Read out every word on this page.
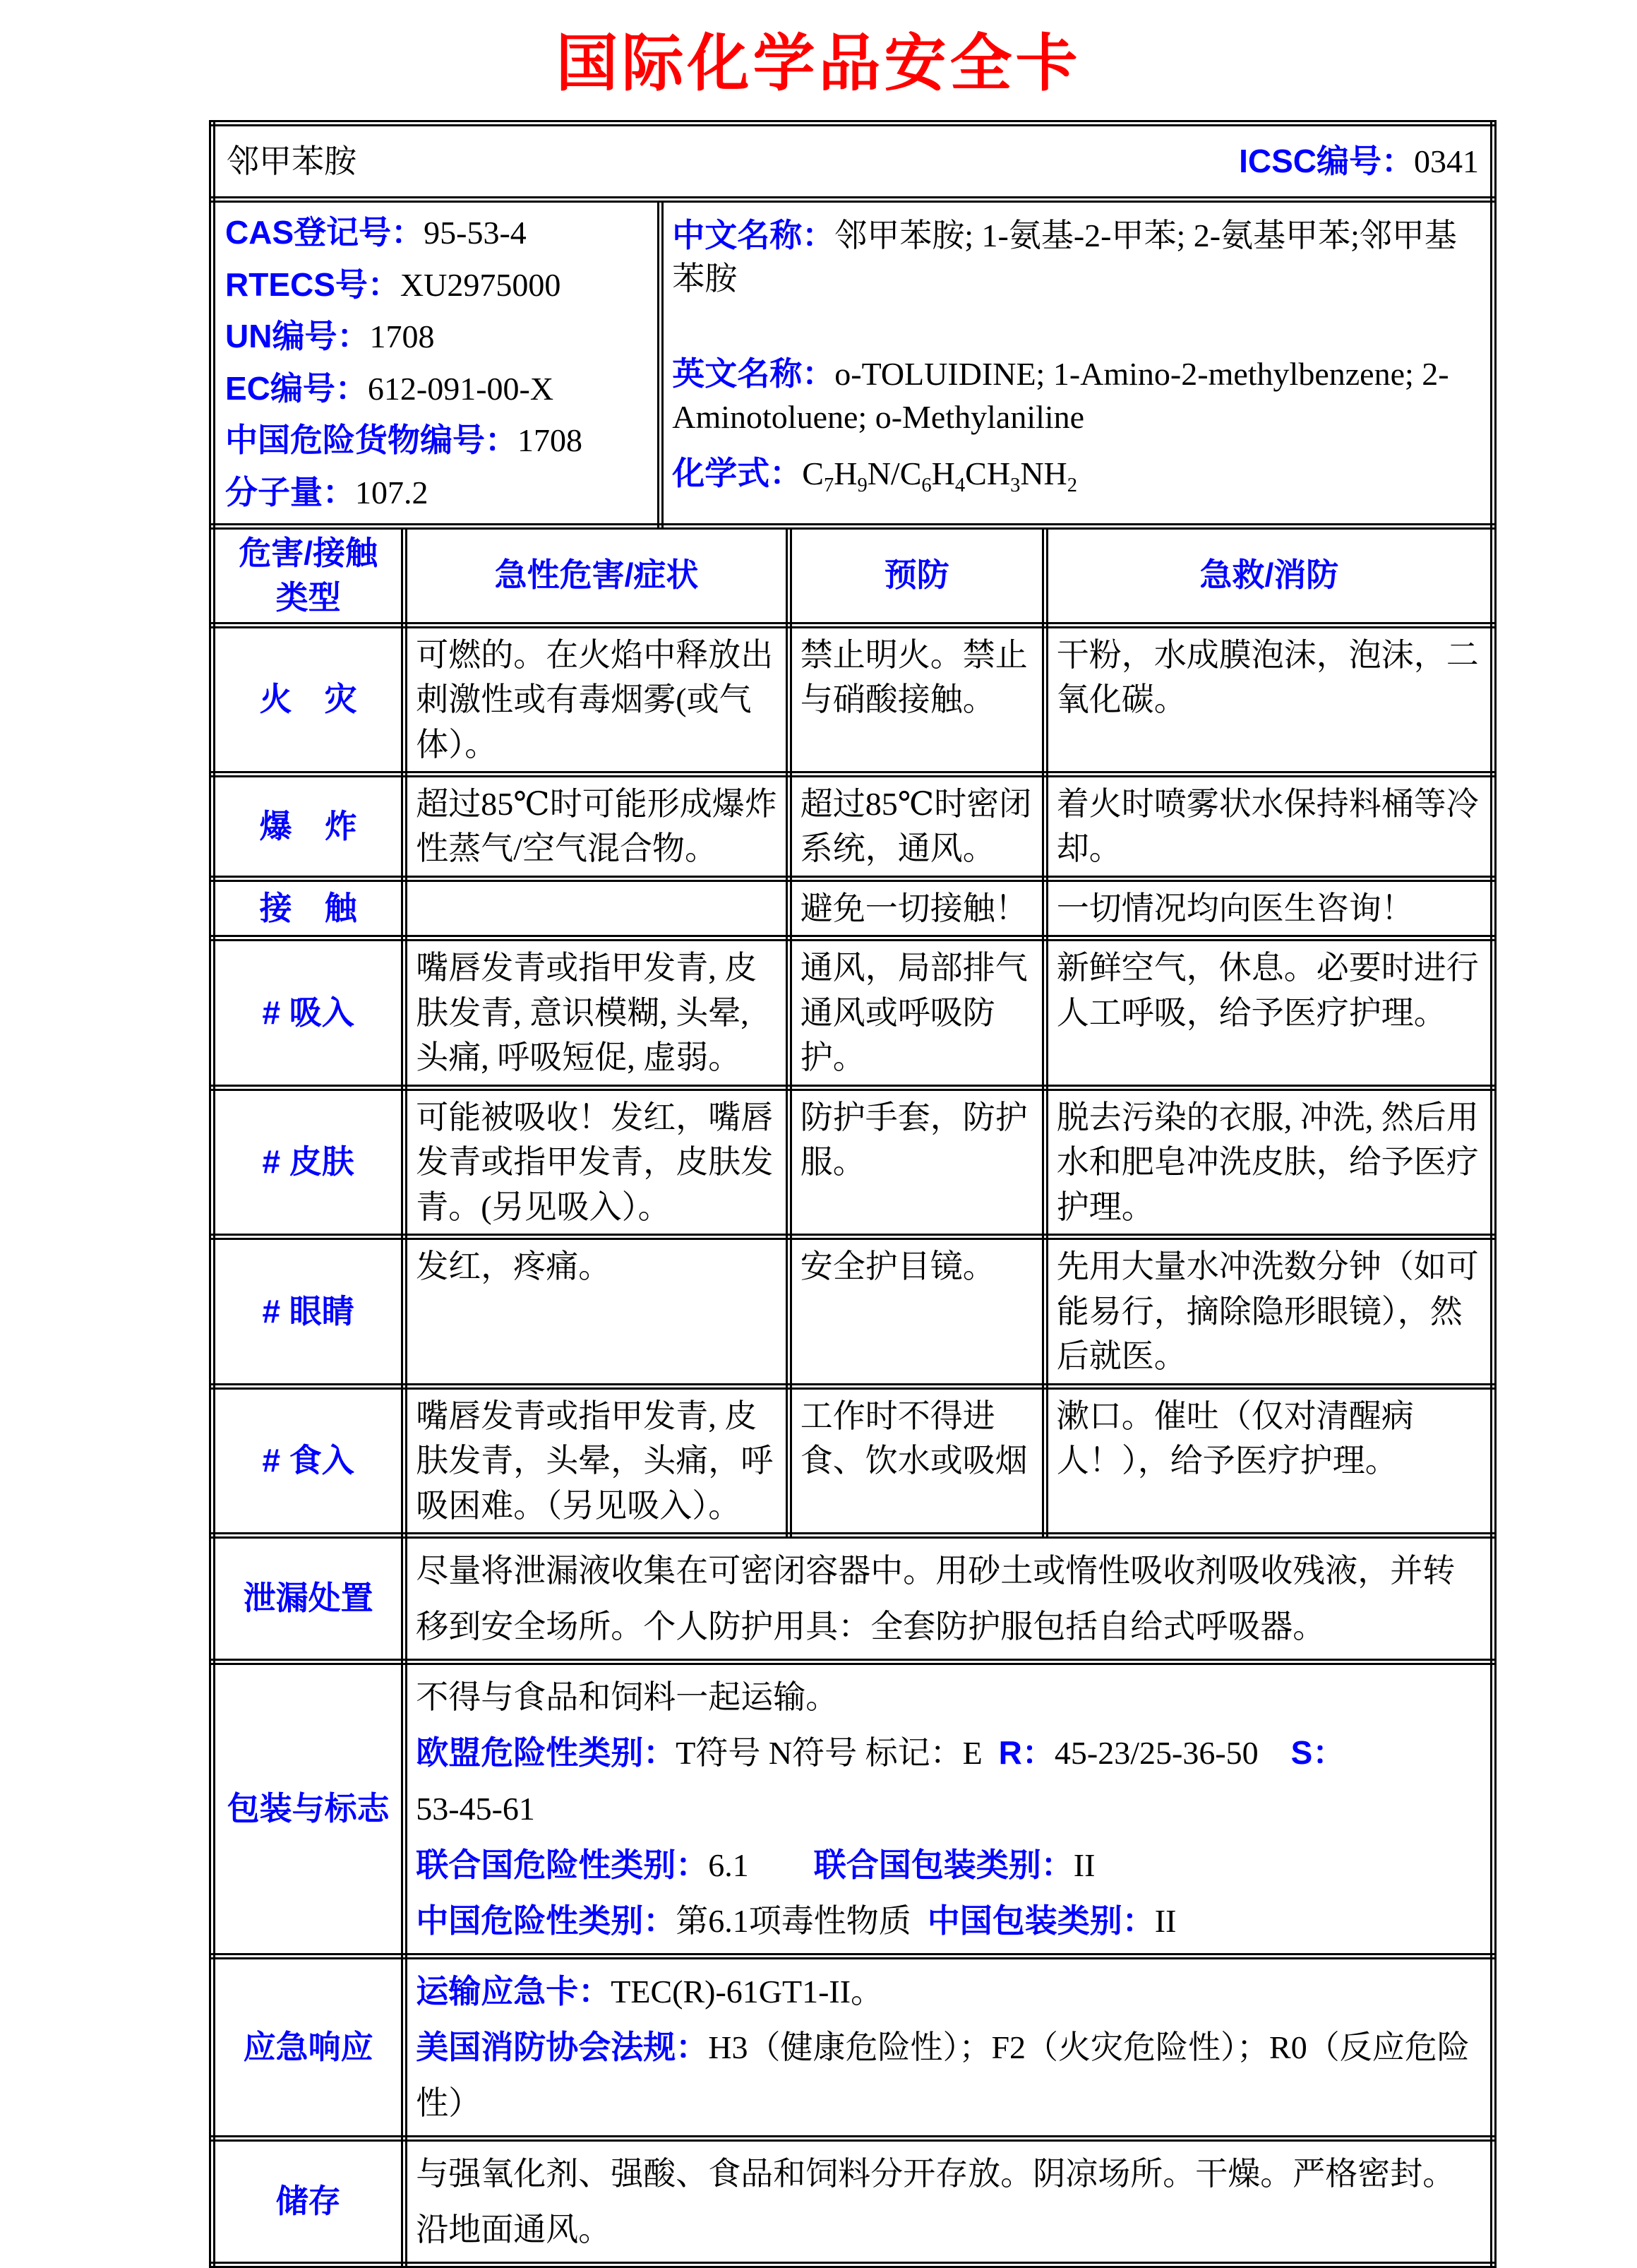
国际化学品安全卡
邻甲苯胺 ICSC编号：0341				

CAS登记号：95-53-4
RTECS号：XU2975000
UN编号：1708
EC编号：612-091-00-X
中国危险货物编号：1708
分子量：107.2

中文名称：邻甲苯胺; 1-氨基-2-甲苯; 2-氨基甲苯;邻甲基苯胺
英文名称：o-TOLUIDINE; 1-Amino-2-methylbenzene; 2-Aminotoluene; o-Methylaniline
化学式：$C_7H_9N/C_6H_4CH_3NH_2$

危害/接触类型	急性危害/症状		预防	急救/消防
火　灾	可燃的。在火焰中释放出刺激性或有毒烟雾(或气体）。		禁止明火。禁止与硝酸接触。	干粉，水成膜泡沫，泡沫，二氧化碳。
爆　炸	超过85℃时可能形成爆炸性蒸气/空气混合物。		超过85℃时密闭系统，通风。	着火时喷雾状水保持料桶等冷却。
接　触			避免一切接触！	一切情况均向医生咨询！
# 吸入	嘴唇发青或指甲发青, 皮肤发青, 意识模糊, 头晕, 头痛, 呼吸短促, 虚弱。		通风，局部排气通风或呼吸防护。	新鲜空气，休息。必要时进行人工呼吸，给予医疗护理。
# 皮肤	可能被吸收！发红，嘴唇发青或指甲发青，皮肤发青。(另见吸入）。		防护手套，防护服。	脱去污染的衣服, 冲洗, 然后用水和肥皂冲洗皮肤，给予医疗护理。
# 眼睛	发红，疼痛。		安全护目镜。	先用大量水冲洗数分钟（如可能易行，摘除隐形眼镜），然后就医。
# 食入	嘴唇发青或指甲发青, 皮肤发青，头晕，头痛，呼吸困难。（另见吸入）。		工作时不得进食、饮水或吸烟	漱口。催吐（仅对清醒病人！），给予医疗护理。
泄漏处置	尽量将泄漏液收集在可密闭容器中。用砂土或惰性吸收剂吸收残液，并转移到安全场所。个人防护用具：全套防护服包括自给式呼吸器。			
包装与标志	不得与食品和饲料一起运输。
欧盟危险性类别：T符号 N符号 标记：E  R：45-23/25-36-50    S：
53-45-61
联合国危险性类别：6.1        联合国包装类别：II
中国危险性类别：第6.1项毒性物质  中国包装类别：II			

应急响应	运输应急卡：TEC(R)-61GT1-II。
美国消防协会法规：H3（健康危险性）；F2（火灾危险性）；R0（反应危险性）			

储存	与强氧化剂、强酸、食品和饲料分开存放。阴凉场所。干燥。严格密封。沿地面通风。			
